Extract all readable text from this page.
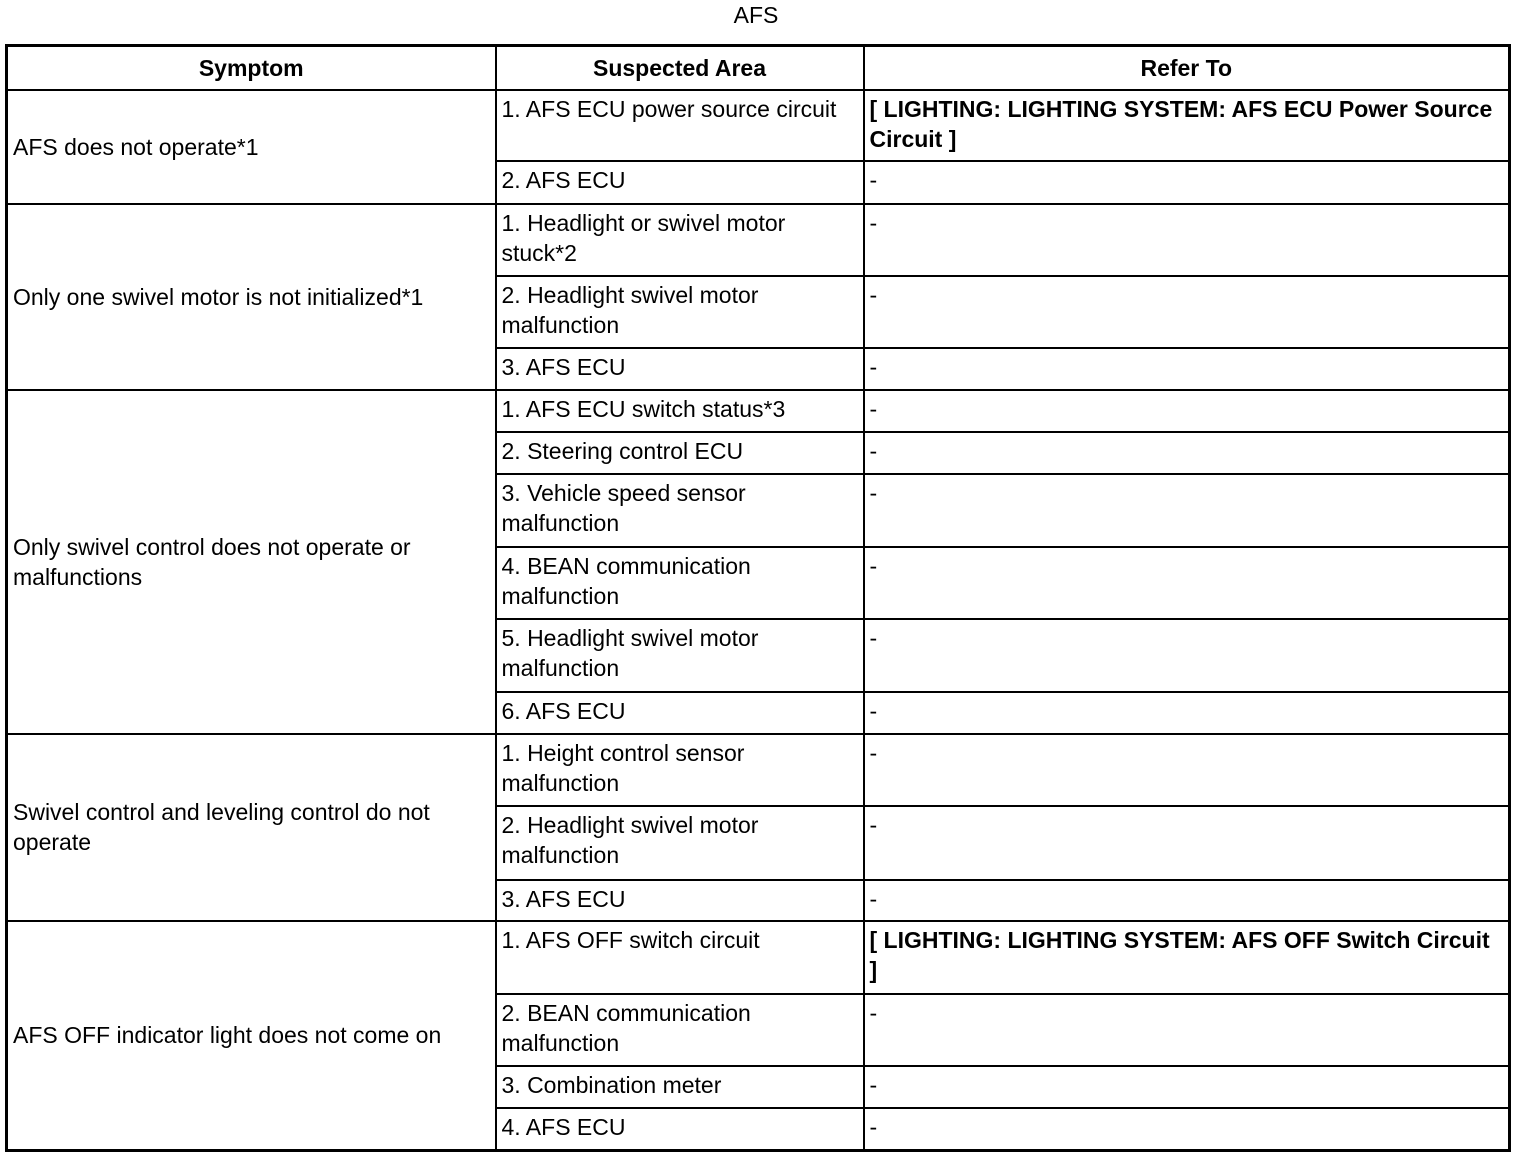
AFS
Symptom	Suspected Area	Refer To
AFS does not operate*1	1. AFS ECU power source circuit	[ LIGHTING: LIGHTING SYSTEM: AFS ECU Power Source Circuit ]
	2. AFS ECU	-
Only one swivel motor is not initialized*1	1. Headlight or swivel motor stuck*2	-
	2. Headlight swivel motor malfunction	-
	3. AFS ECU	-
Only swivel control does not operate or malfunctions	1. AFS ECU switch status*3	-
	2. Steering control ECU	-
	3. Vehicle speed sensor malfunction	-
	4. BEAN communication malfunction	-
	5. Headlight swivel motor malfunction	-
	6. AFS ECU	-
Swivel control and leveling control do not operate	1. Height control sensor malfunction	-
	2. Headlight swivel motor malfunction	-
	3. AFS ECU	-
AFS OFF indicator light does not come on	1. AFS OFF switch circuit	[ LIGHTING: LIGHTING SYSTEM: AFS OFF Switch Circuit ]
	2. BEAN communication malfunction	-
	3. Combination meter	-
	4. AFS ECU	-
